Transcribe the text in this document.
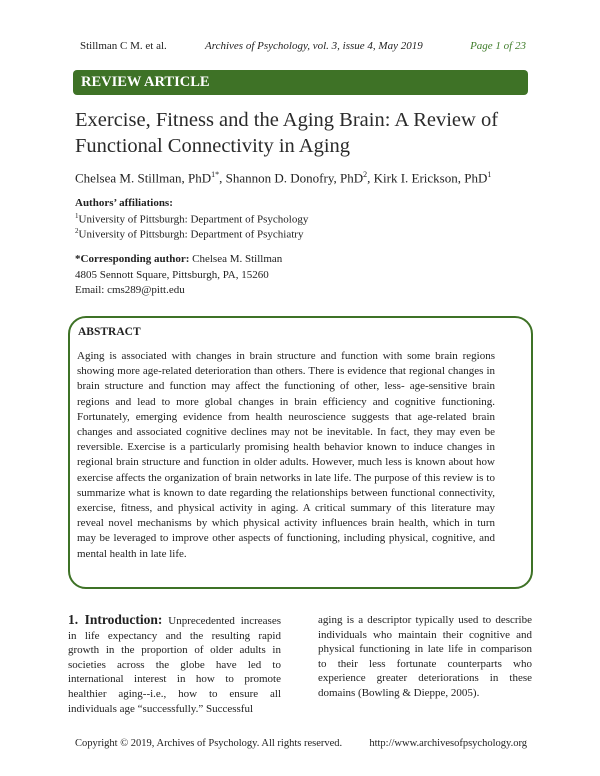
Stillman C M. et al.	Archives of Psychology, vol. 3, issue 4, May 2019	Page 1 of 23
REVIEW ARTICLE
Exercise, Fitness and the Aging Brain: A Review of Functional Connectivity in Aging
Chelsea M. Stillman, PhD$^{1*}$, Shannon D. Donofry, PhD$^2$, Kirk I. Erickson, PhD$^1$
Authors’ affiliations:
$^1$University of Pittsburgh: Department of Psychology
$^2$University of Pittsburgh: Department of Psychiatry
*Corresponding author: Chelsea M. Stillman
4805 Sennott Square, Pittsburgh, PA, 15260
Email: cms289@pitt.edu
ABSTRACT
Aging is associated with changes in brain structure and function with some brain regions showing more age-related deterioration than others. There is evidence that regional changes in brain structure and function may affect the functioning of other, less- age-sensitive brain regions and lead to more global changes in brain efficiency and cognitive functioning. Fortunately, emerging evidence from health neuroscience suggests that age-related brain changes and associated cognitive declines may not be inevitable. In fact, they may even be reversible. Exercise is a particularly promising health behavior known to induce changes in regional brain structure and function in older adults. However, much less is known about how exercise affects the organization of brain networks in late life. The purpose of this review is to summarize what is known to date regarding the relationships between functional connectivity, exercise, fitness, and physical activity in aging. A critical summary of this literature may reveal novel mechanisms by which physical activity influences brain health, which in turn may be leveraged to improve other aspects of functioning, including physical, cognitive, and mental health in late life.
1. Introduction: Unprecedented increases in life expectancy and the resulting rapid growth in the proportion of older adults in societies across the globe have led to international interest in how to promote healthier aging--i.e., how to ensure all individuals age “successfully.” Successful
aging is a descriptor typically used to describe individuals who maintain their cognitive and physical functioning in late life in comparison to their less fortunate counterparts who experience greater deteriorations in these domains (Bowling & Dieppe, 2005).
Copyright © 2019, Archives of Psychology. All rights reserved.	http://www.archivesofpsychology.org
